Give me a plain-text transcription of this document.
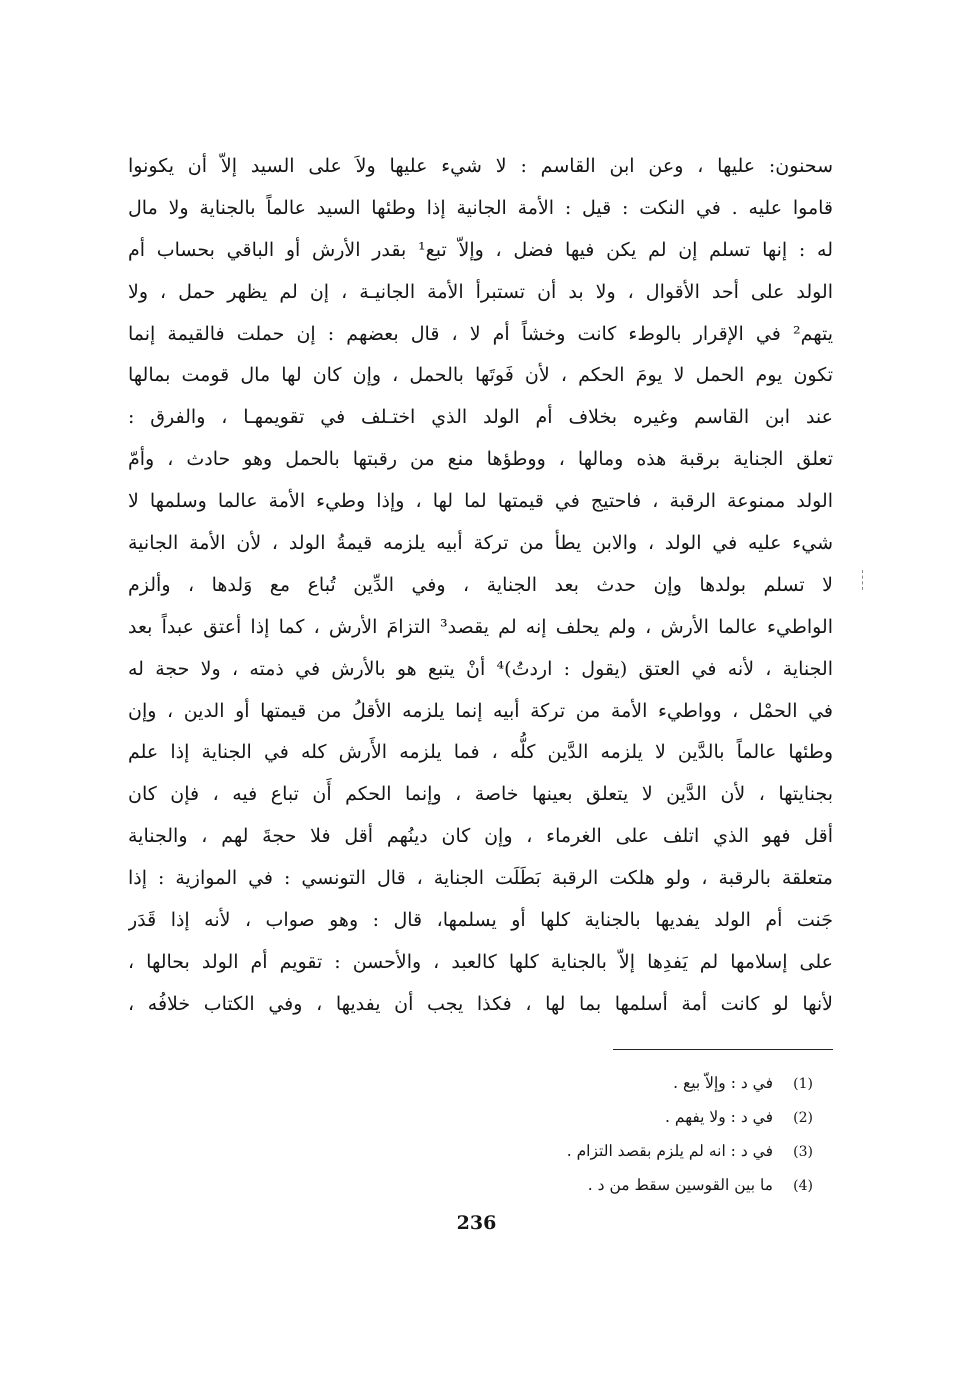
سحنون: عليها ، وعن ابن القاسم : لا شيء عليها ولاَ على السيد إلاّ أن يكونوا
قاموا عليه . في النكت : قيل : الأمة الجانية إذا وطئها السيد عالماً بالجناية ولا مال
له : إنها تسلم إن لم يكن فيها فضل ، وإلاّ تبع¹ بقدر الأرش أو الباقي بحساب أم
الولد على أحد الأقوال ، ولا بد أن تستبرأ الأمة الجانيـة ، إن لم يظهر حمل ، ولا
يتهم² في الإقرار بالوطء كانت وخشاً أم لا ، قال بعضهم : إن حملت فالقيمة إنما
تكون يوم الحمل لا يومَ الحكم ، لأن فَوتَها بالحمل ، وإن كان لها مال قومت بمالها
عند ابن القاسم وغيره بخلاف أم الولد الذي اختـلف في تقويمهـا ، والفرق :
تعلق الجناية برقبة هذه ومالها ، ووطؤها منع من رقبتها بالحمل وهو حادث ، وأمّ
الولد ممنوعة الرقبة ، فاحتيج في قيمتها لما لها ، وإذا وطيء الأمة عالما وسلمها لا
شيء عليه في الولد ، والابن يطأ من تركة أبيه يلزمه قيمةُ الولد ، لأن الأمة الجانية
لا تسلم بولدها وإن حدث بعد الجناية ، وفي الدِّين تُباع مع وَلدها ، وألزم
الواطيء عالما الأرش ، ولم يحلف إنه لم يقصد³ التزامَ الأرش ، كما إذا أعتق عبداً بعد
الجناية ، لأنه في العتق (يقول : اردتُ)⁴ أنْ يتبع هو بالأرش في ذمته ، ولا حجة له
في الحمْل ، وواطيء الأمة من تركة أبيه إنما يلزمه الأقلُ من قيمتها أو الدين ، وإن
وطئها عالماً بالدَّين لا يلزمه الدَّين كلُّه ، فما يلزمه الأَرش كله في الجناية إذا علم
بجنايتها ، لأن الدَّين لا يتعلق بعينها خاصة ، وإنما الحكم أَن تباع فيه ، فإن كان
أقل فهو الذي اتلف على الغرماء ، وإن كان دينُهم أقل فلا حجةَ لهم ، والجناية
متعلقة بالرقبة ، ولو هلكت الرقبة بَطَلَت الجناية ، قال التونسي : في الموازية : إذا
جَنت أم الولد يفديها بالجناية كلها أو يسلمها، قال : وهو صواب ، لأنه إذا قَدَر
على إسلامها لم يَفدِها إلاّ بالجناية كلها كالعبد ، والأحسن : تقويم أم الولد بحالها ،
لأنها لو كانت أمة أسلمها بما لها ، فكذا يجب أن يفديها ، وفي الكتاب خلافُه ،
(1)
في د : وإلاّ بيع .
(2)
في د : ولا يفهم .
(3)
في د : انه لم يلزم بقصد التزام .
(4)
ما بين القوسين سقط من د .
236
